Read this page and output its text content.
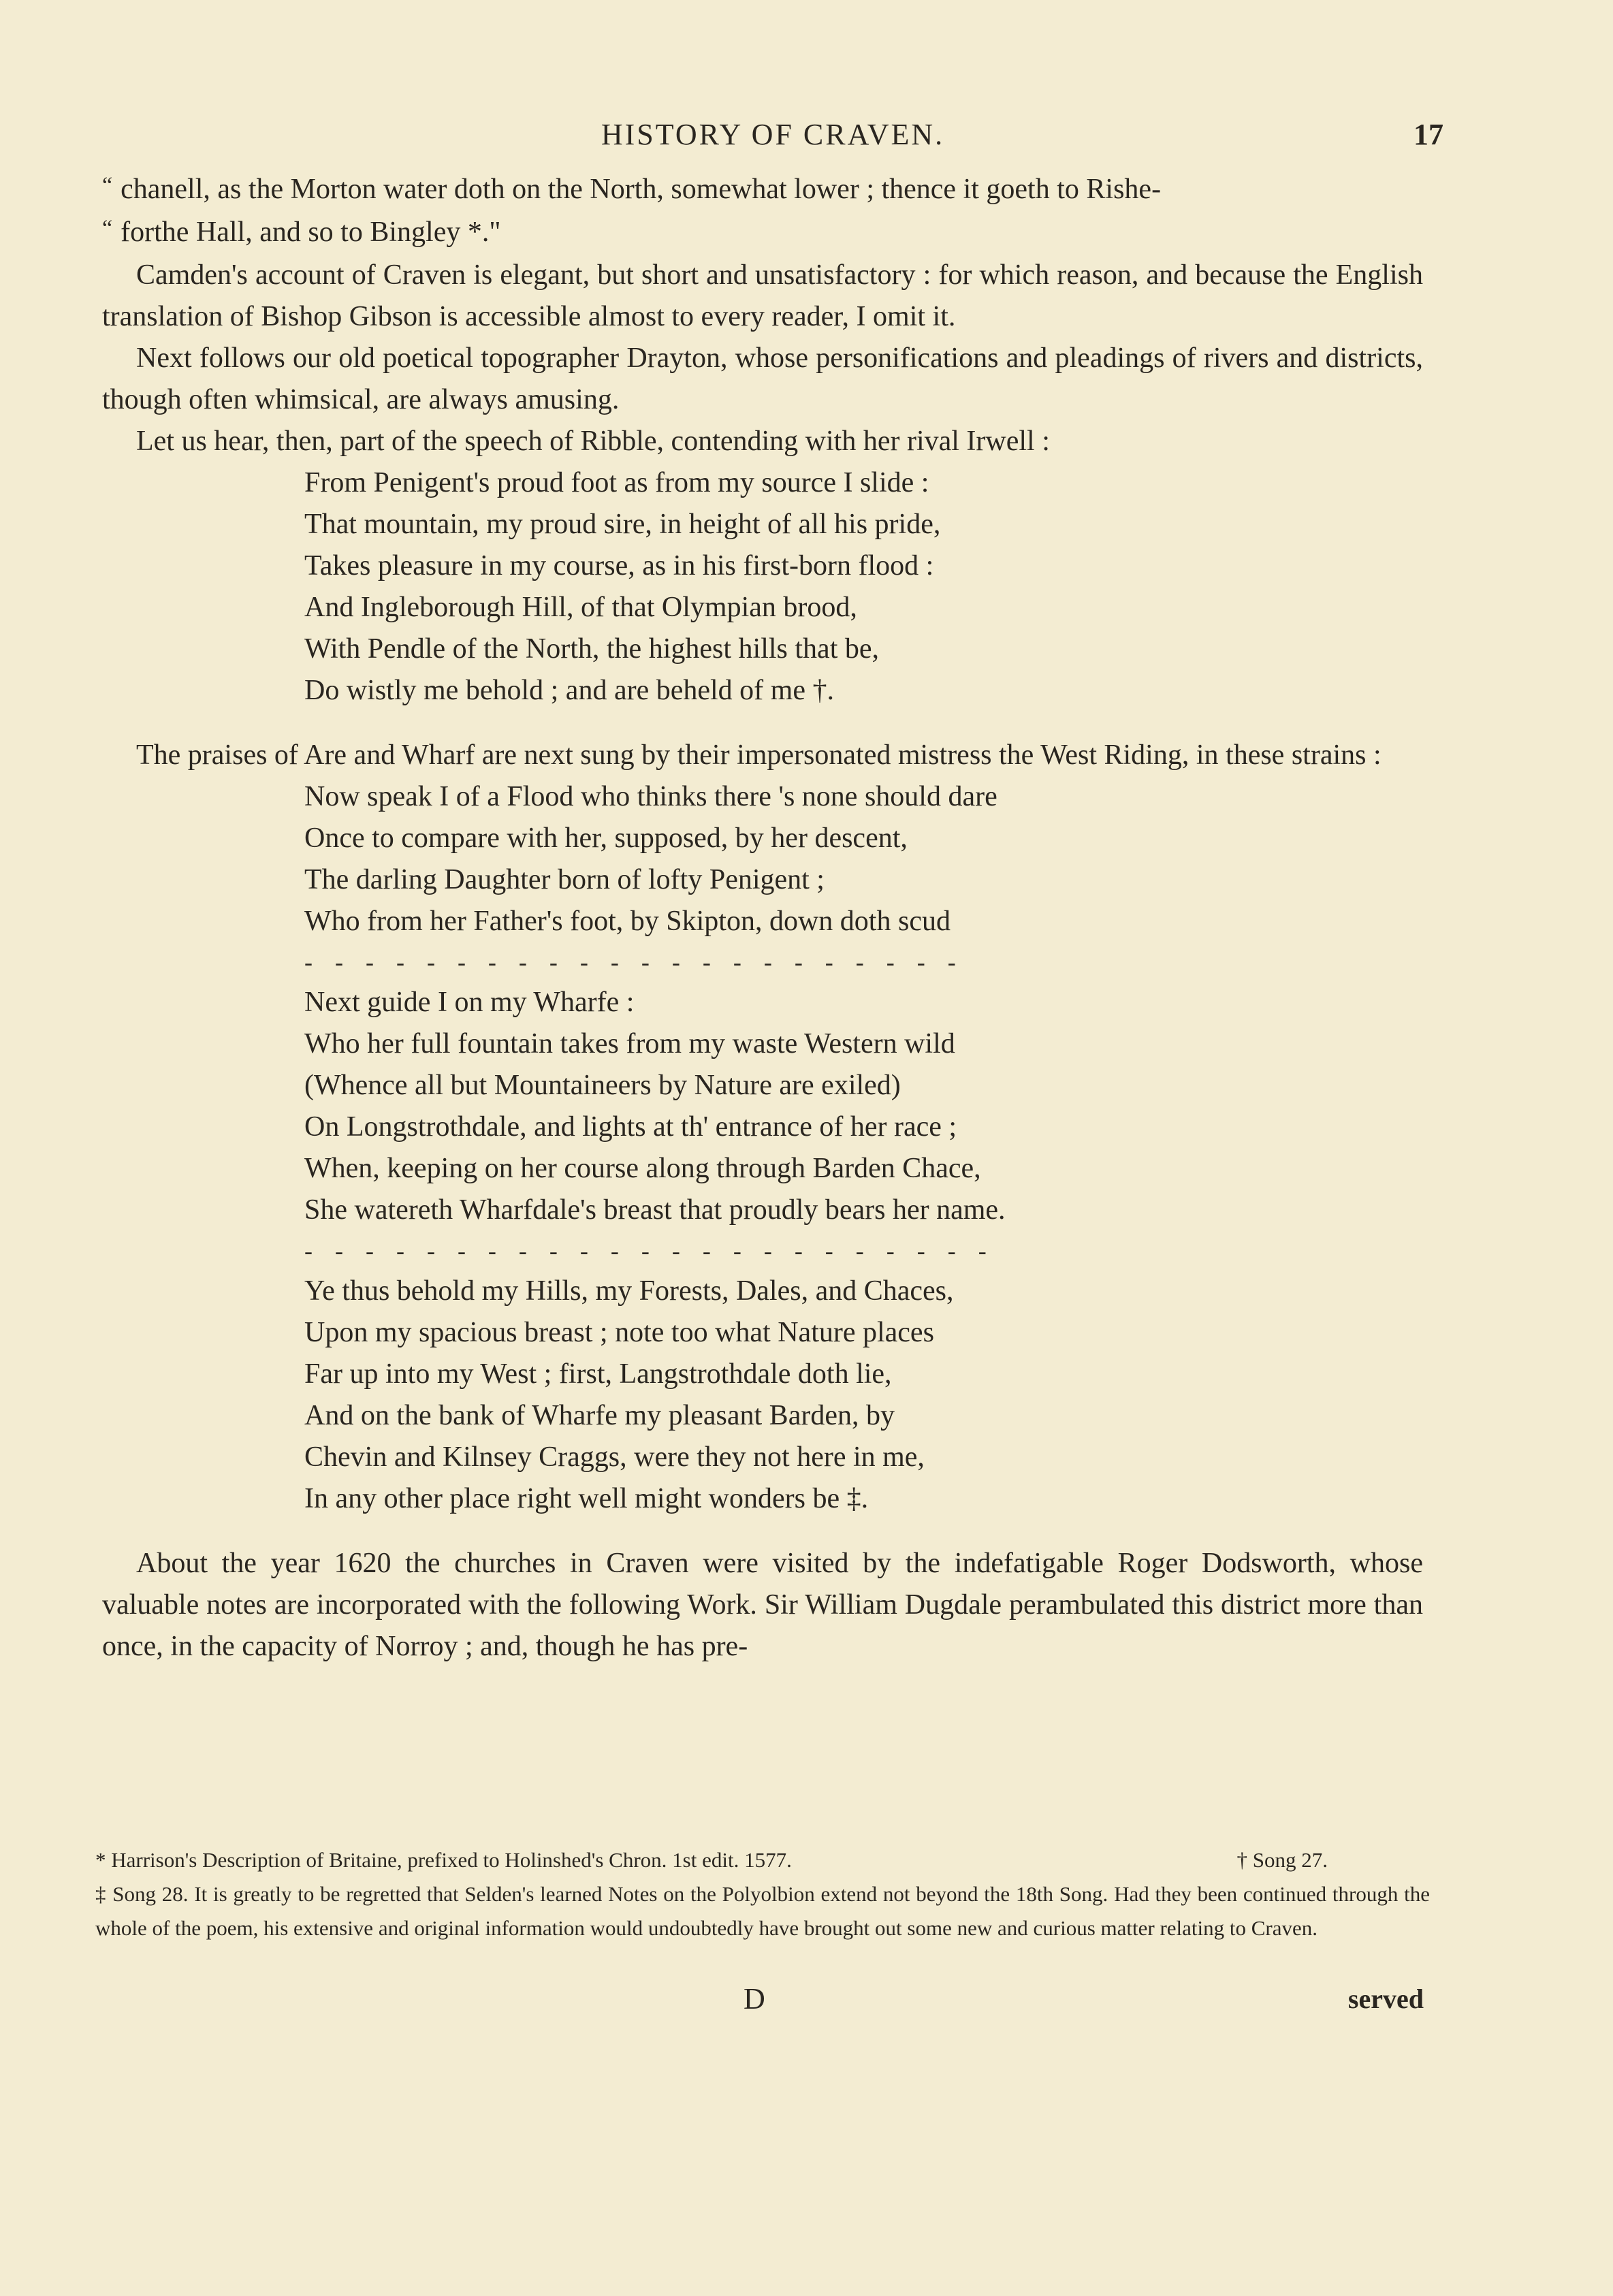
HISTORY OF CRAVEN.	17

“ chanell, as the Morton water doth on the North, somewhat lower ; thence it goeth to Rishe-

“ forthe Hall, and so to Bingley *."

Camden's account of Craven is elegant, but short and unsatisfactory : for which reason, and because the English translation of Bishop Gibson is accessible almost to every reader, I omit it.

Next follows our old poetical topographer Drayton, whose personifications and pleadings of rivers and districts, though often whimsical, are always amusing.

Let us hear, then, part of the speech of Ribble, contending with her rival Irwell :

From Penigent's proud foot as from my source I slide :
That mountain, my proud sire, in height of all his pride,
Takes pleasure in my course, as in his first-born flood :
And Ingleborough Hill, of that Olympian brood,
With Pendle of the North, the highest hills that be,
Do wistly me behold ; and are beheld of me †.

The praises of Are and Wharf are next sung by their impersonated mistress the West Riding, in these strains :

Now speak I of a Flood who thinks there 's none should dare
Once to compare with her, supposed, by her descent,
The darling Daughter born of lofty Penigent ;
Who from her Father's foot, by Skipton, down doth scud
- - - - - - - - - - - - - - - - - - - - - -
Next guide I on my Wharfe :
Who her full fountain takes from my waste Western wild
(Whence all but Mountaineers by Nature are exiled)
On Longstrothdale, and lights at th' entrance of her race ;
When, keeping on her course along through Barden Chace,
She watereth Wharfdale's breast that proudly bears her name.
- - - - - - - - - - - - - - - - - - - - - - -
Ye thus behold my Hills, my Forests, Dales, and Chaces,
Upon my spacious breast ; note too what Nature places
Far up into my West ; first, Langstrothdale doth lie,
And on the bank of Wharfe my pleasant Barden, by
Chevin and Kilnsey Craggs, were they not here in me,
In any other place right well might wonders be ‡.

About the year 1620 the churches in Craven were visited by the indefatigable Roger Dodsworth, whose valuable notes are incorporated with the following Work. Sir William Dugdale perambulated this district more than once, in the capacity of Norroy ; and, though he has pre-

* Harrison's Description of Britaine, prefixed to Holinshed's Chron. 1st edit. 1577.	† Song 27.

‡ Song 28. It is greatly to be regretted that Selden's learned Notes on the Polyolbion extend not beyond the 18th Song. Had they been continued through the whole of the poem, his extensive and original information would undoubtedly have brought out some new and curious matter relating to Craven.

D	served
